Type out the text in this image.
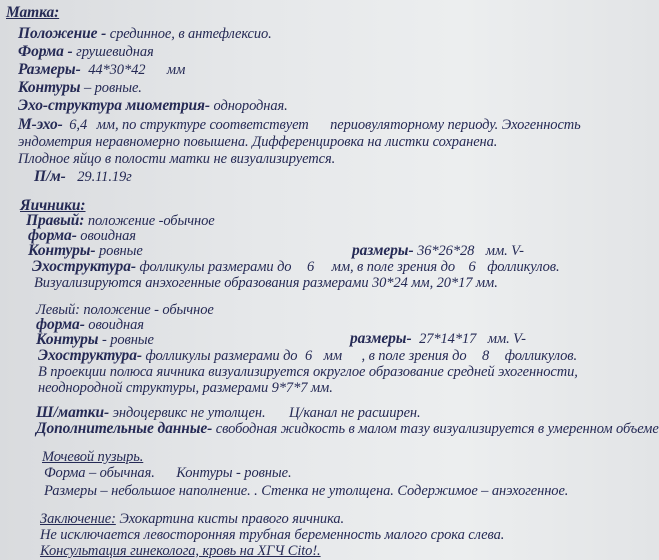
Матка:
Положение - срединное, в антефлексио.
Форма - грушевидная
Размеры- 44*30*42 мм
Контуры – ровные.
Эхо-структура миометрия- однородная.
М-эхо- 6,4 мм, по структуре соответствует периовуляторному периоду. Эхогенность
эндометрия неравномерно повышена. Дифференцировка на листки сохранена.
Плодное яйцо в полости матки не визуализируется.
П/м- 29.11.19г
Яичники:
Правый: положение -обычное
форма- овоидная
Контуры- ровные	размеры- 36*26*28 мм. V-
Эхоструктура- фолликулы размерами до 6 мм, в поле зрения до 6 фолликулов.
Визуализируются анэхогенные образования размерами 30*24 мм, 20*17 мм.
Левый: положение - обычное
форма- овоидная
Контуры - ровные	размеры- 27*14*17 мм. V-
Эхоструктура- фолликулы размерами до 6 мм , в поле зрения до 8 фолликулов.
В проекции полюса яичника визуализируется округлое образование средней эхогенности,
неоднородной структуры, размерами 9*7*7 мм.
Ш/матки- эндоцервикс не утолщен. Ц/канал не расширен.
Дополнительные данные- свободная жидкость в малом тазу визуализируется в умеренном объеме
Мочевой пузырь.
Форма – обычная. Контуры - ровные.
Размеры – небольшое наполнение. . Стенка не утолщена. Содержимое – анэхогенное.
Заключение: Эхокартина кисты правого яичника.
Не исключается левосторонняя трубная беременность малого срока слева.
Консультация гинеколога, кровь на ХГЧ Cito!.
